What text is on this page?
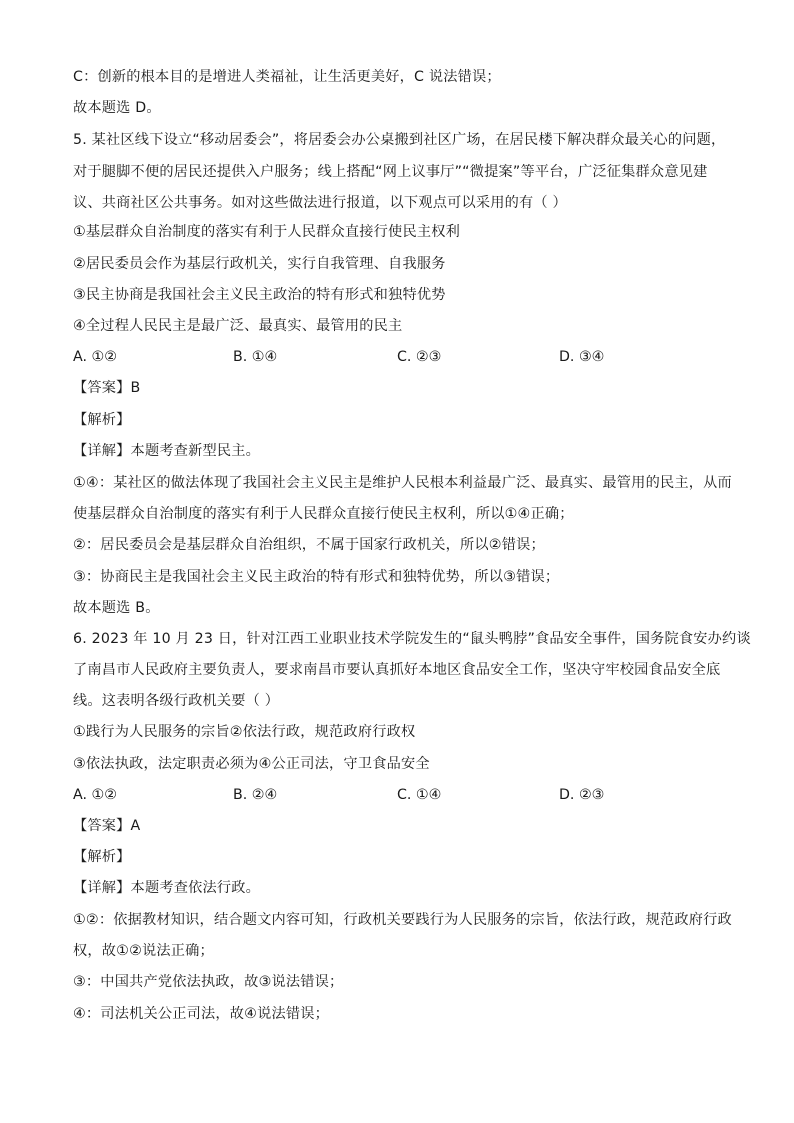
C：创新的根本目的是增进人类福祉，让生活更美好，C 说法错误；
故本题选 D。
5. 某社区线下设立“移动居委会”，将居委会办公桌搬到社区广场，在居民楼下解决群众最关心的问题，
对于腿脚不便的居民还提供入户服务；线上搭配“网上议事厅”“微提案”等平台，广泛征集群众意见建
议、共商社区公共事务。如对这些做法进行报道，以下观点可以采用的有（ ）
①基层群众自治制度的落实有利于人民群众直接行使民主权利
②居民委员会作为基层行政机关，实行自我管理、自我服务
③民主协商是我国社会主义民主政治的特有形式和独特优势
④全过程人民民主是最广泛、最真实、最管用的民主
A. ①②	B. ①④	C. ②③	D. ③④
【答案】B
【解析】
【详解】本题考查新型民主。
①④：某社区的做法体现了我国社会主义民主是维护人民根本利益最广泛、最真实、最管用的民主，从而
使基层群众自治制度的落实有利于人民群众直接行使民主权利，所以①④正确；
②：居民委员会是基层群众自治组织，不属于国家行政机关，所以②错误；
③：协商民主是我国社会主义民主政治的特有形式和独特优势，所以③错误；
故本题选 B。
6. 2023 年 10 月 23 日，针对江西工业职业技术学院发生的“鼠头鸭脖”食品安全事件，国务院食安办约谈
了南昌市人民政府主要负责人，要求南昌市要认真抓好本地区食品安全工作，坚决守牢校园食品安全底
线。这表明各级行政机关要（ ）
①践行为人民服务的宗旨②依法行政，规范政府行政权
③依法执政，法定职责必须为④公正司法，守卫食品安全
A. ①②	B. ②④	C. ①④	D. ②③
【答案】A
【解析】
【详解】本题考查依法行政。
①②：依据教材知识，结合题文内容可知，行政机关要践行为人民服务的宗旨，依法行政，规范政府行政
权，故①②说法正确；
③：中国共产党依法执政，故③说法错误；
④：司法机关公正司法，故④说法错误；
